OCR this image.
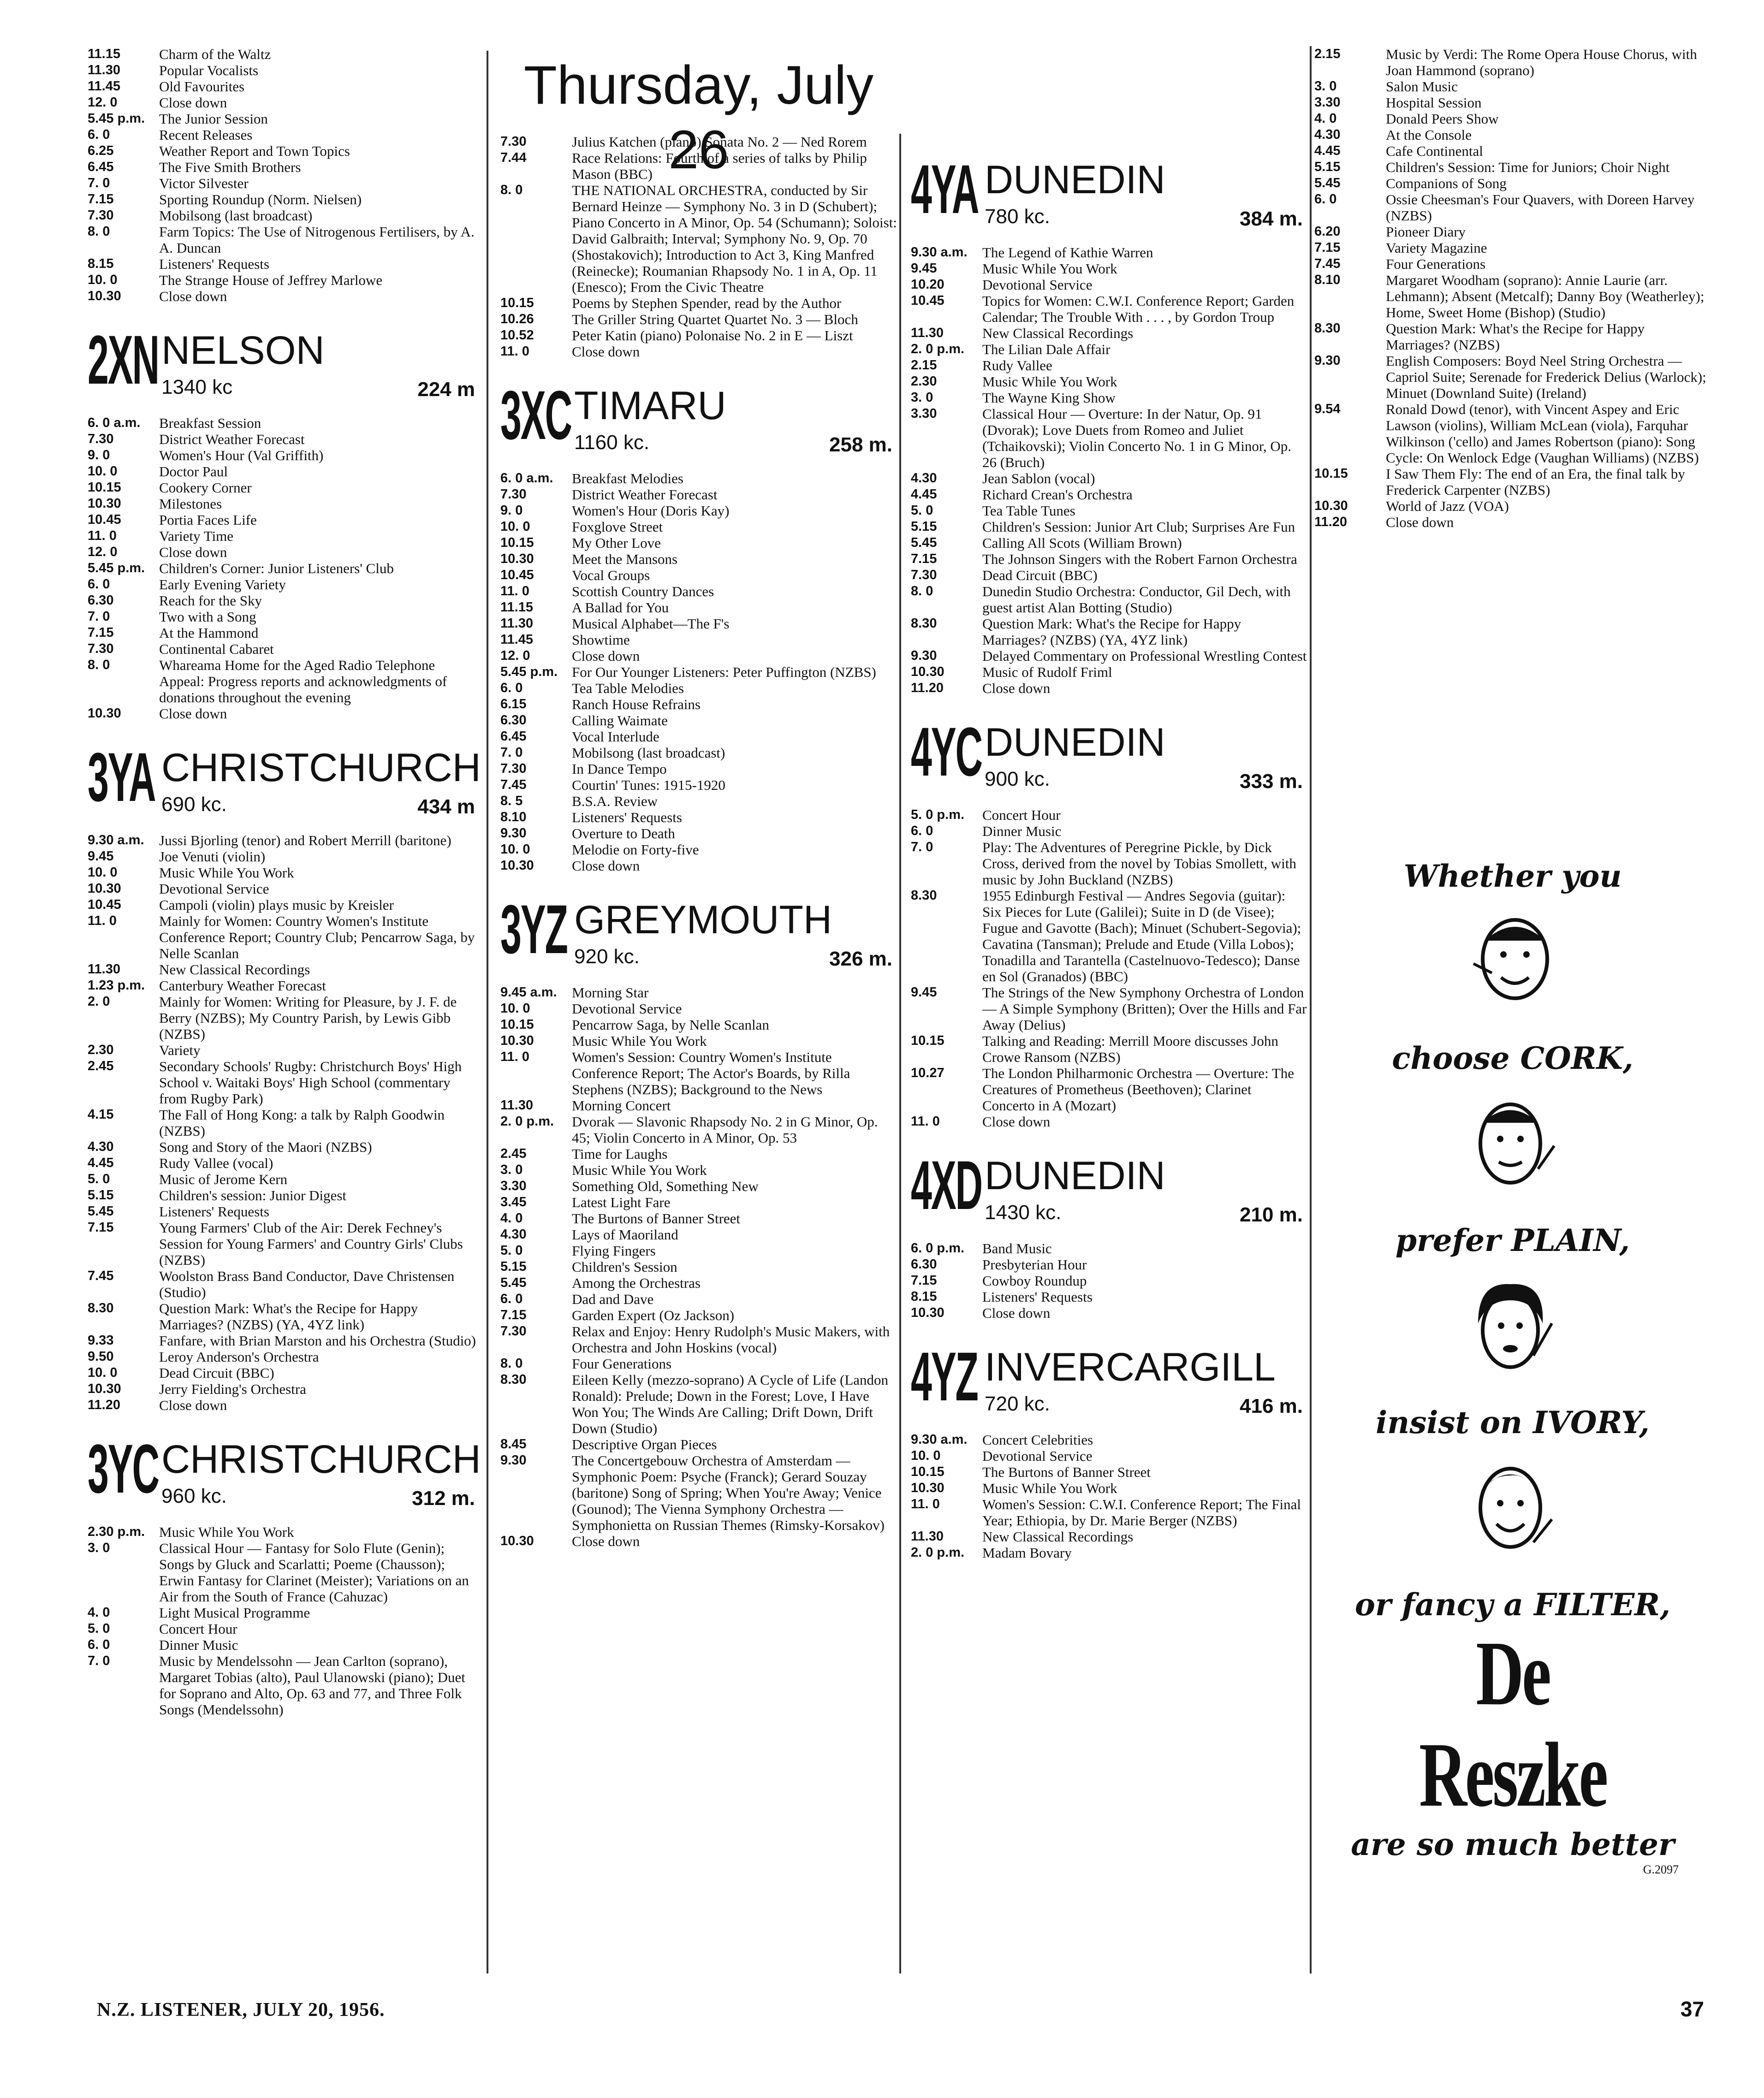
Thursday, July 26
11.15	Charm of the Waltz
11.30	Popular Vocalists
11.45	Old Favourites
12. 0	Close down
5.45 p.m. The Junior Session
6. 0	Recent Releases
6.25	Weather Report and Town Topics
6.45	The Five Smith Brothers
7. 0	Victor Silvester
7.15	Sporting Roundup (Norm. Nielsen)
7.30	Mobilsong (last broadcast)
8. 0	Farm Topics: The Use of Nitrogenous Fertilisers, by A. A. Duncan
8.15	Listeners' Requests
10. 0	The Strange House of Jeffrey Marlowe
10.30	Close down
2XN NELSON
1340 kc	224 m
6. 0 a.m.	Breakfast Session
7.30	District Weather Forecast
9. 0	Women's Hour (Val Griffith)
10. 0	Doctor Paul
10.15	Cookery Corner
10.30	Milestones
10.45	Portia Faces Life
11. 0	Variety Time
12. 0	Close down
5.45 p.m. Children's Corner: Junior Listeners' Club
6. 0	Early Evening Variety
6.30	Reach for the Sky
7. 0	Two with a Song
7.15	At the Hammond
7.30	Continental Cabaret
8. 0	Whareama Home for the Aged Radio Telephone Appeal: Progress reports and acknowledgments of donations throughout the evening
10.30	Close down
3YA CHRISTCHURCH
690 kc.	434 m
9.30 a.m.	Jussi Bjorling (tenor) and Robert Merrill (baritone)
9.45	Joe Venuti (violin)
10. 0	Music While You Work
10.30	Devotional Service
10.45	Campoli (violin) plays music by Kreisler
11. 0	Mainly for Women: Country Women's Institute Conference Report; Country Club; Pencarrow Saga, by Nelle Scanlan
11.30	New Classical Recordings
1.23 p.m. Canterbury Weather Forecast
2. 0	Mainly for Women: Writing for Pleasure, by J. F. de Berry (NZBS); My Country Parish, by Lewis Gibb (NZBS)
2.30	Variety
2.45	Secondary Schools' Rugby: Christchurch Boys' High School v. Waitaki Boys' High School (commentary from Rugby Park)
4.15	The Fall of Hong Kong: a talk by Ralph Goodwin (NZBS)
4.30	Song and Story of the Maori (NZBS)
4.45	Rudy Vallee (vocal)
5. 0	Music of Jerome Kern
5.15	Children's session: Junior Digest
5.45	Listeners' Requests
7.15	Young Farmers' Club of the Air: Derek Fechney's Session for Young Farmers' and Country Girls' Clubs (NZBS)
7.45	Woolston Brass Band Conductor, Dave Christensen (Studio)
8.30	Question Mark: What's the Recipe for Happy Marriages? (NZBS) (YA, 4YZ link)
9.33	Fanfare, with Brian Marston and his Orchestra (Studio)
9.50	Leroy Anderson's Orchestra
10. 0	Dead Circuit (BBC)
10.30	Jerry Fielding's Orchestra
11.20	Close down
3YC CHRISTCHURCH
960 kc.	312 m.
2.30 p.m. Music While You Work
3. 0	Classical Hour — Fantasy for Solo Flute (Genin); Songs by Gluck and Scarlatti; Poeme (Chausson); Erwin Fantasy for Clarinet (Meister); Variations on an Air from the South of France (Cahuzac)
4. 0	Light Musical Programme
5. 0	Concert Hour
6. 0	Dinner Music
7. 0	Music by Mendelssohn — Jean Carlton (soprano), Margaret Tobias (alto), Paul Ulanowski (piano); Duet for Soprano and Alto, Op. 63 and 77, and Three Folk Songs (Mendelssohn)
7.30	Julius Katchen (piano) Sonata No. 2 — Ned Rorem
7.44	Race Relations: Fourth of a series of talks by Philip Mason (BBC)
8. 0	THE NATIONAL ORCHESTRA, conducted by Sir Bernard Heinze — Symphony No. 3 in D (Schubert); Piano Concerto in A Minor, Op. 54 (Schumann); Soloist: David Galbraith; Interval; Symphony No. 9, Op. 70 (Shostakovich); Introduction to Act 3, King Manfred (Reinecke); Roumanian Rhapsody No. 1 in A, Op. 11 (Enesco); From the Civic Theatre
10.15	Poems by Stephen Spender, read by the Author
10.26	The Griller String Quartet Quartet No. 3 — Bloch
10.52	Peter Katin (piano) Polonaise No. 2 in E — Liszt
11. 0	Close down
3XC TIMARU
1160 kc.	258 m.
6. 0 a.m.	Breakfast Melodies
7.30	District Weather Forecast
9. 0	Women's Hour (Doris Kay)
10. 0	Foxglove Street
10.15	My Other Love
10.30	Meet the Mansons
10.45	Vocal Groups
11. 0	Scottish Country Dances
11.15	A Ballad for You
11.30	Musical Alphabet—The F's
11.45	Showtime
12. 0	Close down
5.45 p.m. For Our Younger Listeners: Peter Puffington (NZBS)
6. 0	Tea Table Melodies
6.15	Ranch House Refrains
6.30	Calling Waimate
6.45	Vocal Interlude
7. 0	Mobilsong (last broadcast)
7.30	In Dance Tempo
7.45	Courtin' Tunes: 1915-1920
8. 5	B.S.A. Review
8.10	Listeners' Requests
9.30	Overture to Death
10. 0	Melodie on Forty-five
10.30	Close down
3YZ GREYMOUTH
920 kc.	326 m.
9.45 a.m.	Morning Star
10. 0	Devotional Service
10.15	Pencarrow Saga, by Nelle Scanlan
10.30	Music While You Work
11. 0	Women's Session: Country Women's Institute Conference Report; The Actor's Boards, by Rilla Stephens (NZBS); Background to the News
11.30	Morning Concert
2. 0 p.m.	Dvorak — Slavonic Rhapsody No. 2 in G Minor, Op. 45; Violin Concerto in A Minor, Op. 53
2.45	Time for Laughs
3. 0	Music While You Work
3.30	Something Old, Something New
3.45	Latest Light Fare
4. 0	The Burtons of Banner Street
4.30	Lays of Maoriland
5. 0	Flying Fingers
5.15	Children's Session
5.45	Among the Orchestras
6. 0	Dad and Dave
7.15	Garden Expert (Oz Jackson)
7.30	Relax and Enjoy: Henry Rudolph's Music Makers, with Orchestra and John Hoskins (vocal)
8. 0	Four Generations
8.30	Eileen Kelly (mezzo-soprano) A Cycle of Life (Landon Ronald): Prelude; Down in the Forest; Love, I Have Won You; The Winds Are Calling; Drift Down, Drift Down (Studio)
8.45	Descriptive Organ Pieces
9.30	The Concertgebouw Orchestra of Amsterdam — Symphonic Poem: Psyche (Franck); Gerard Souzay (baritone) Song of Spring; When You're Away; Venice (Gounod); The Vienna Symphony Orchestra — Symphonietta on Russian Themes (Rimsky-Korsakov)
10.30	Close down
4YA DUNEDIN
780 kc.	384 m.
9.30 a.m.	The Legend of Kathie Warren
9.45	Music While You Work
10.20	Devotional Service
10.45	Topics for Women: C.W.I. Conference Report; Garden Calendar; The Trouble With . . . , by Gordon Troup
11.30	New Classical Recordings
2. 0 p.m.	The Lilian Dale Affair
2.15	Rudy Vallee
2.30	Music While You Work
3. 0	The Wayne King Show
3.30	Classical Hour — Overture: In der Natur, Op. 91 (Dvorak); Love Duets from Romeo and Juliet (Tchaikovski); Violin Concerto No. 1 in G Minor, Op. 26 (Bruch)
4.30	Jean Sablon (vocal)
4.45	Richard Crean's Orchestra
5. 0	Tea Table Tunes
5.15	Children's Session: Junior Art Club; Surprises Are Fun
5.45	Calling All Scots (William Brown)
7.15	The Johnson Singers with the Robert Farnon Orchestra
7.30	Dead Circuit (BBC)
8. 0	Dunedin Studio Orchestra: Conductor, Gil Dech, with guest artist Alan Botting (Studio)
8.30	Question Mark: What's the Recipe for Happy Marriages? (NZBS) (YA, 4YZ link)
9.30	Delayed Commentary on Professional Wrestling Contest
10.30	Music of Rudolf Friml
11.20	Close down
4YC DUNEDIN
900 kc.	333 m.
5. 0 p.m.	Concert Hour
6. 0	Dinner Music
7. 0	Play: The Adventures of Peregrine Pickle, by Dick Cross, derived from the novel by Tobias Smollett, with music by John Buckland (NZBS)
8.30	1955 Edinburgh Festival — Andres Segovia (guitar): Six Pieces for Lute (Galilei); Suite in D (de Visee); Fugue and Gavotte (Bach); Minuet (Schubert-Segovia); Cavatina (Tansman); Prelude and Etude (Villa Lobos); Tonadilla and Tarantella (Castelnuovo-Tedesco); Danse en Sol (Granados) (BBC)
9.45	The Strings of the New Symphony Orchestra of London — A Simple Symphony (Britten); Over the Hills and Far Away (Delius)
10.15	Talking and Reading: Merrill Moore discusses John Crowe Ransom (NZBS)
10.27	The London Philharmonic Orchestra — Overture: The Creatures of Prometheus (Beethoven); Clarinet Concerto in A (Mozart)
11. 0	Close down
4XD DUNEDIN
1430 kc.	210 m.
6. 0 p.m.	Band Music
6.30	Presbyterian Hour
7.15	Cowboy Roundup
8.15	Listeners' Requests
10.30	Close down
4YZ INVERCARGILL
720 kc.	416 m.
9.30 a.m.	Concert Celebrities
10. 0	Devotional Service
10.15	The Burtons of Banner Street
10.30	Music While You Work
11. 0	Women's Session: C.W.I. Conference Report; The Final Year; Ethiopia, by Dr. Marie Berger (NZBS)
11.30	New Classical Recordings
2. 0 p.m.	Madam Bovary
2.15	Music by Verdi: The Rome Opera House Chorus, with Joan Hammond (soprano)
3. 0	Salon Music
3.30	Hospital Session
4. 0	Donald Peers Show
4.30	At the Console
4.45	Cafe Continental
5.15	Children's Session: Time for Juniors; Choir Night
5.45	Companions of Song
6. 0	Ossie Cheesman's Four Quavers, with Doreen Harvey (NZBS)
6.20	Pioneer Diary
7.15	Variety Magazine
7.45	Four Generations
8.10	Margaret Woodham (soprano): Annie Laurie (arr. Lehmann); Absent (Metcalf); Danny Boy (Weatherley); Home, Sweet Home (Bishop) (Studio)
8.30	Question Mark: What's the Recipe for Happy Marriages? (NZBS)
9.30	English Composers: Boyd Neel String Orchestra — Capriol Suite; Serenade for Frederick Delius (Warlock); Minuet (Downland Suite) (Ireland)
9.54	Ronald Dowd (tenor), with Vincent Aspey and Eric Lawson (violins), William McLean (viola), Farquhar Wilkinson ('cello) and James Robertson (piano): Song Cycle: On Wenlock Edge (Vaughan Williams) (NZBS)
10.15	I Saw Them Fly: The end of an Era, the final talk by Frederick Carpenter (NZBS)
10.30	World of Jazz (VOA)
11.20	Close down
Whether you
choose CORK,
prefer PLAIN,
insist on IVORY,
or fancy a FILTER,
De Reszke
are so much better
G.2097
N.Z. LISTENER, JULY 20, 1956.	37
